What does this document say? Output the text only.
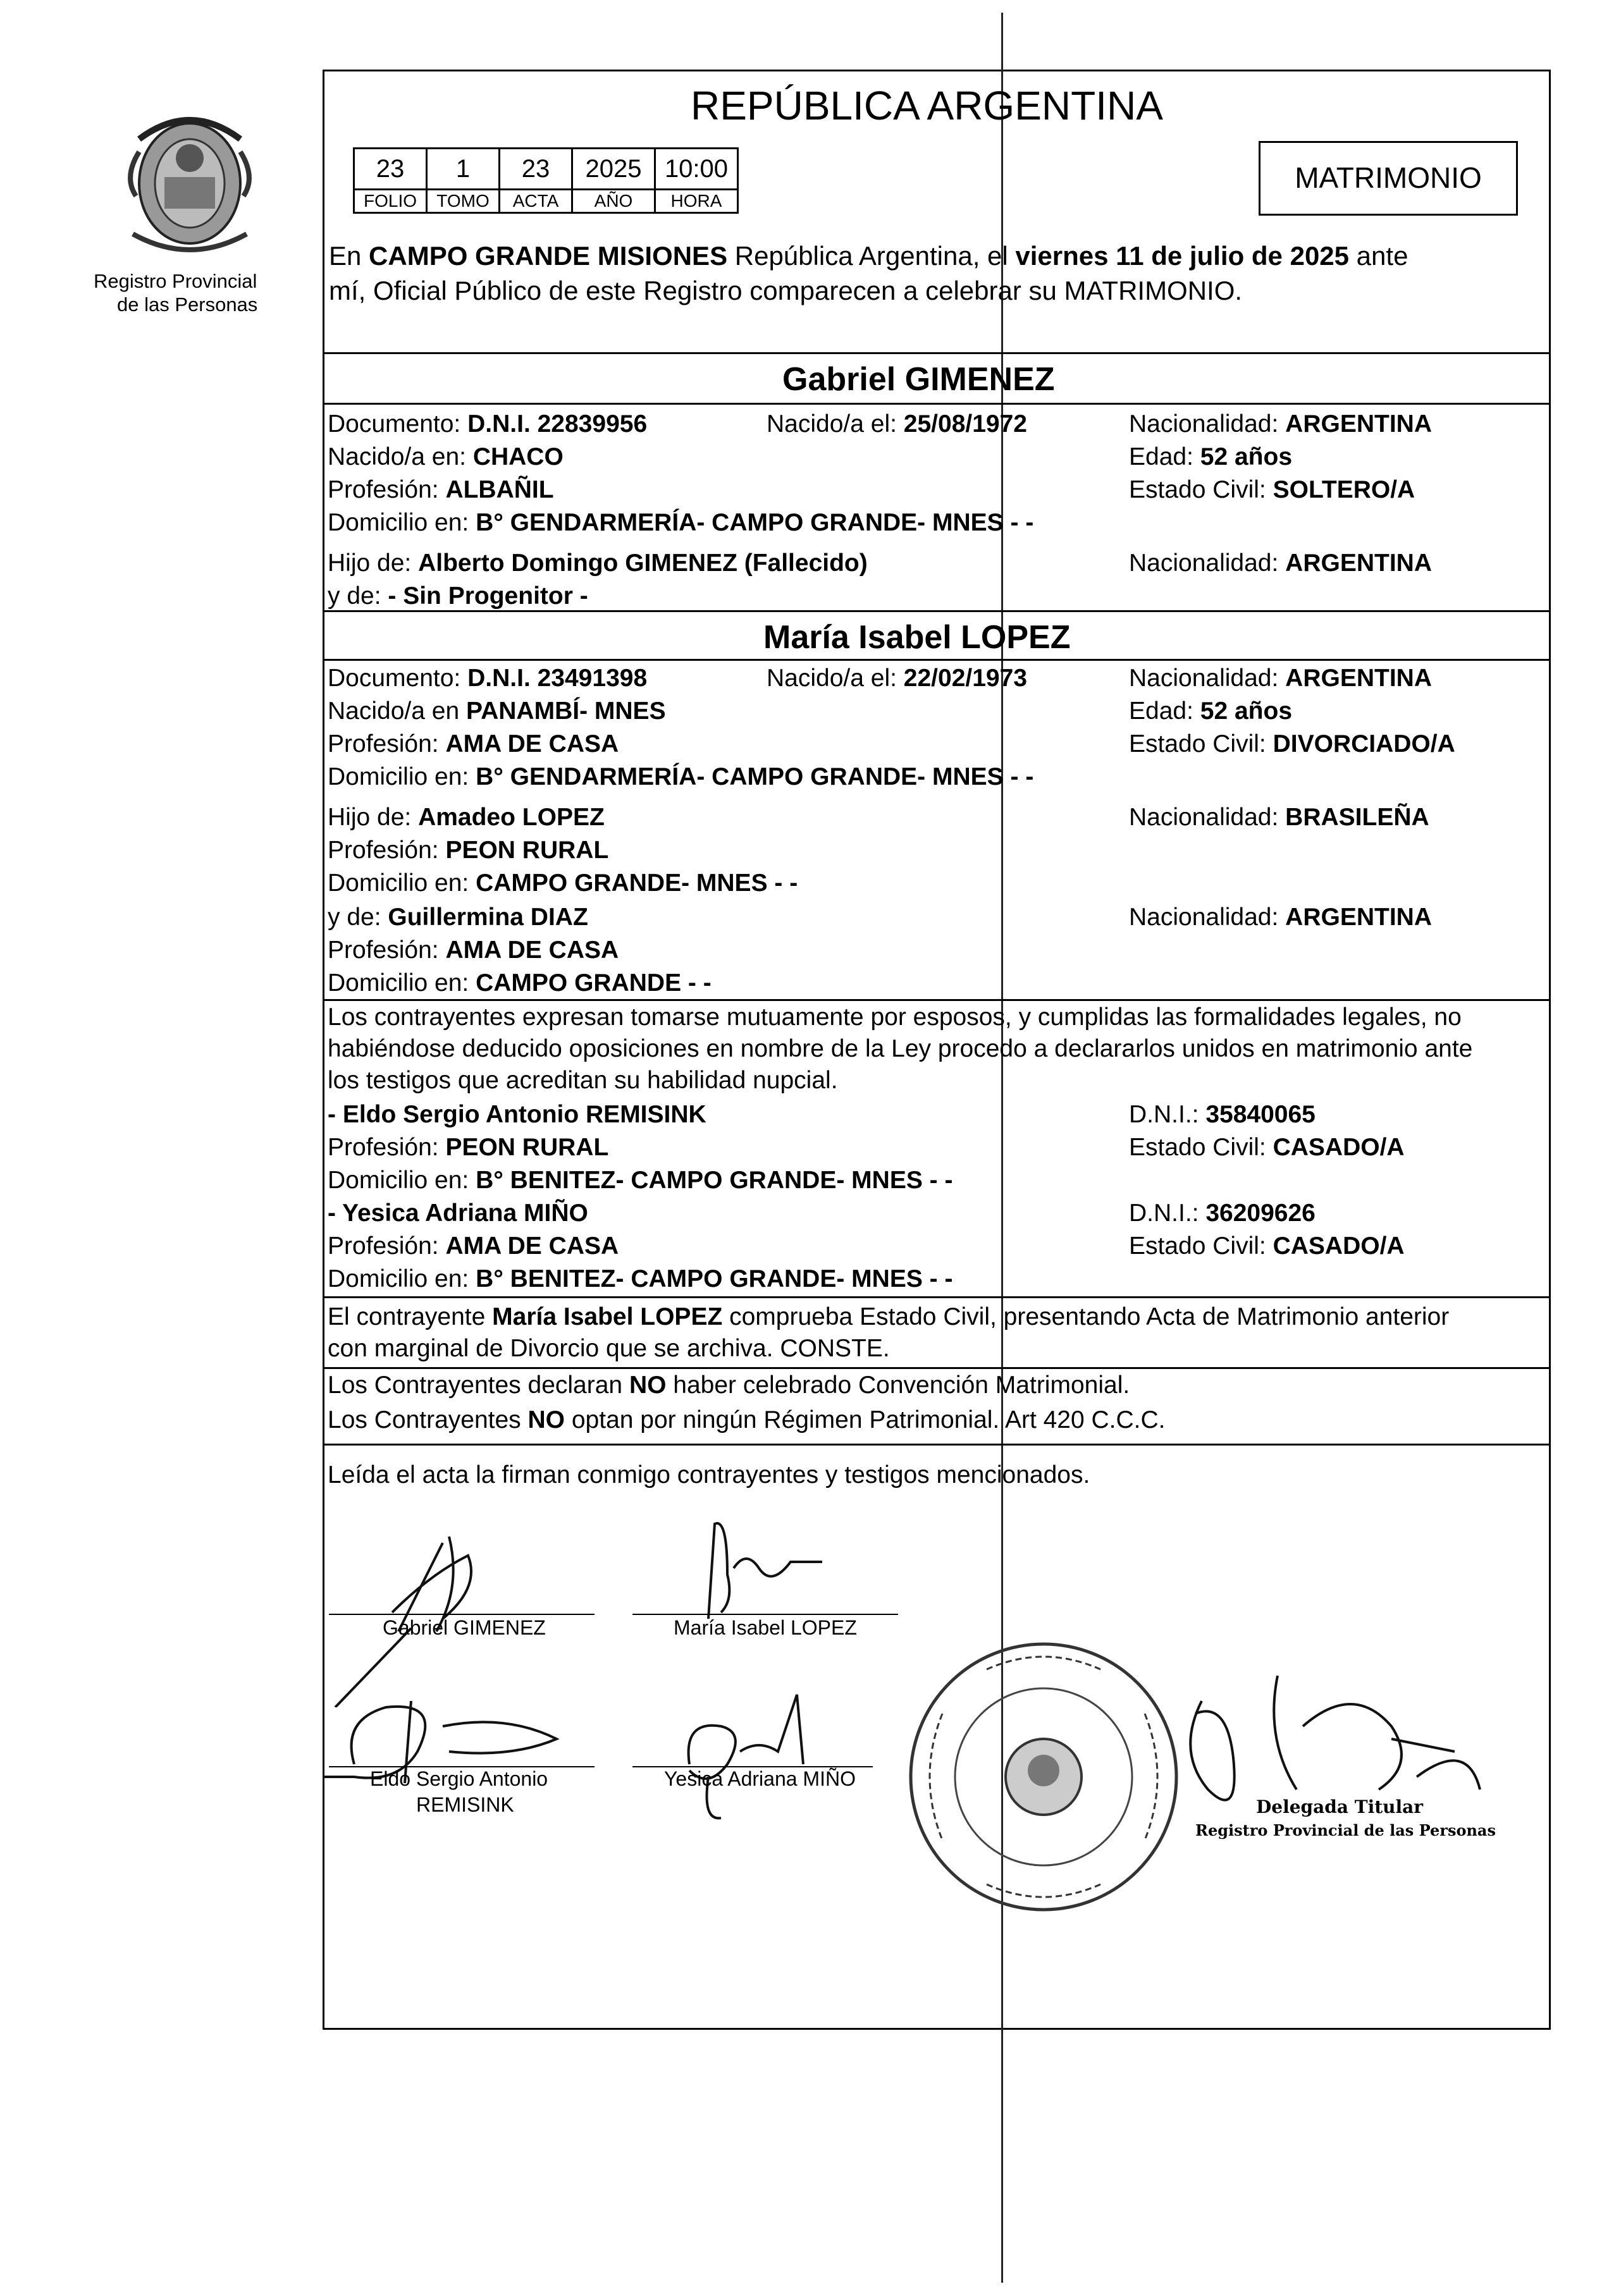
Registro Provincial
de las Personas
REPÚBLICA ARGENTINA
23	1	23	2025 10:00
FOLIO	TOMO	ACTA	AÑO	HORA
MATRIMONIO
En CAMPO GRANDE MISIONES República Argentina, el viernes 11 de julio de 2025 ante
mí, Oficial Público de este Registro comparecen a celebrar su MATRIMONIO.
Gabriel GIMENEZ
Documento: D.N.I. 22839956	Nacido/a el: 25/08/1972	Nacionalidad: ARGENTINA
Nacido/a en: CHACO	Edad: 52 años
Profesión: ALBAÑIL	Estado Civil: SOLTERO/A
Domicilio en: B° GENDARMERÍA- CAMPO GRANDE- MNES - -
Hijo de: Alberto Domingo GIMENEZ (Fallecido)	Nacionalidad: ARGENTINA
y de: - Sin Progenitor -
María Isabel LOPEZ
Documento: D.N.I. 23491398	Nacido/a el: 22/02/1973	Nacionalidad: ARGENTINA
Nacido/a en PANAMBÍ- MNES	Edad: 52 años
Profesión: AMA DE CASA	Estado Civil: DIVORCIADO/A
Domicilio en: B° GENDARMERÍA- CAMPO GRANDE- MNES - -
Hijo de: Amadeo LOPEZ	Nacionalidad: BRASILEÑA
Profesión: PEON RURAL
Domicilio en: CAMPO GRANDE- MNES - -
y de: Guillermina DIAZ	Nacionalidad: ARGENTINA
Profesión: AMA DE CASA
Domicilio en: CAMPO GRANDE - -
Los contrayentes expresan tomarse mutuamente por esposos, y cumplidas las formalidades legales, no
habiéndose deducido oposiciones en nombre de la Ley procedo a declararlos unidos en matrimonio ante
los testigos que acreditan su habilidad nupcial.
- Eldo Sergio Antonio REMISINK	D.N.I.: 35840065
Profesión: PEON RURAL	Estado Civil: CASADO/A
Domicilio en: B° BENITEZ- CAMPO GRANDE- MNES - -
- Yesica Adriana MIÑO	D.N.I.: 36209626
Profesión: AMA DE CASA	Estado Civil: CASADO/A
Domicilio en: B° BENITEZ- CAMPO GRANDE- MNES - -
El contrayente María Isabel LOPEZ comprueba Estado Civil, presentando Acta de Matrimonio anterior
con marginal de Divorcio que se archiva. CONSTE.
Los Contrayentes declaran NO haber celebrado Convención Matrimonial.
Los Contrayentes NO optan por ningún Régimen Patrimonial. Art 420 C.C.C.
Leída el acta la firman conmigo contrayentes y testigos mencionados.
Gabriel GIMENEZ	María Isabel LOPEZ
Eldo Sergio Antonio
REMISINK
Yesica Adriana MIÑO
Delegada Titular
Registro Provincial de las Personas
